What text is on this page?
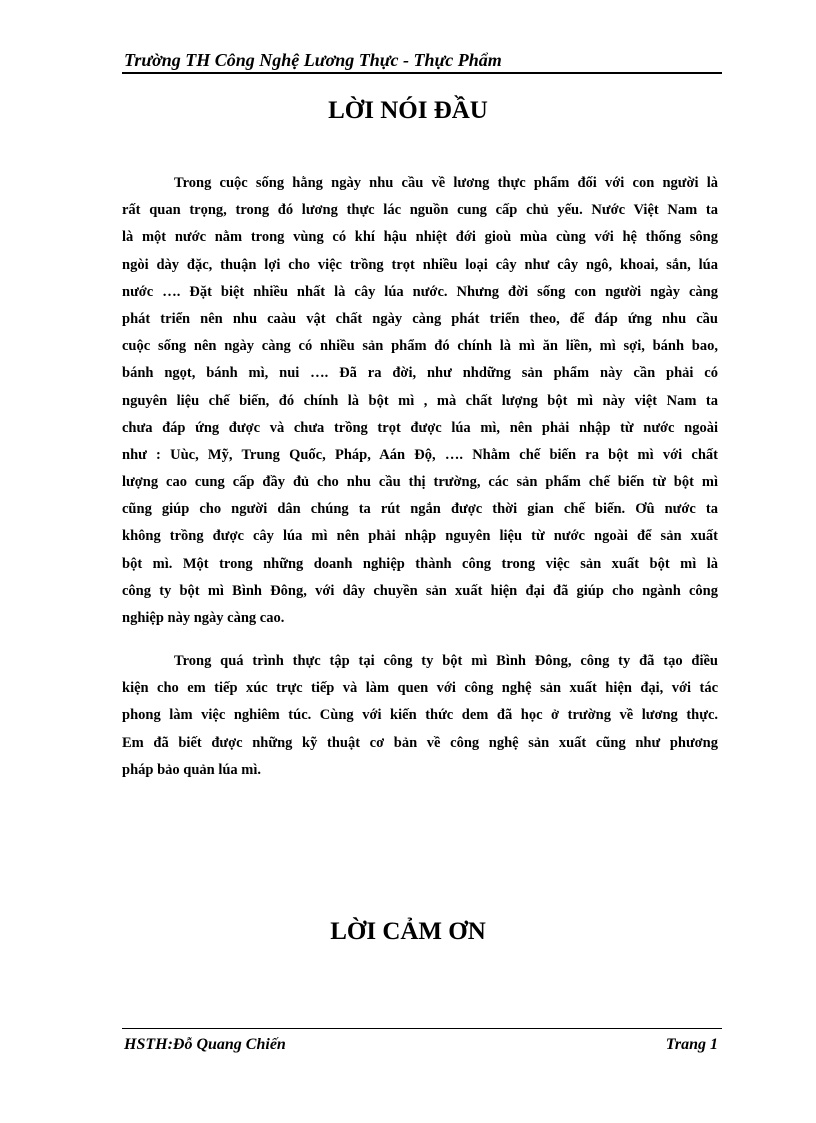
Trường TH Công Nghệ Lương Thực - Thực Phẩm
LỜI NÓI ĐẦU
Trong cuộc sống hằng ngày nhu cầu về lương thực phẩm đối với con người là
rất quan trọng, trong đó lương thực lác nguồn cung cấp chủ yếu. Nước Việt Nam ta
là một nước nằm trong vùng có khí hậu nhiệt đới gioù mùa cùng với hệ thống sông
ngòi dày đặc, thuận lợi cho việc trồng trọt nhiều loại cây như cây ngô, khoai, sắn, lúa
nước …. Đặt biệt nhiều nhất là cây lúa nước. Nhưng đời sống con người ngày càng
phát triển nên nhu caàu vật chất ngày càng phát triển theo, để đáp ứng nhu cầu
cuộc sống nên ngày càng có nhiều sản phẩm đó chính là mì ăn liền, mì sợi, bánh bao,
bánh ngọt, bánh mì, nui …. Đã ra đời, như nhdững sản phẩm này cần phải có
nguyên liệu chế biến, đó chính là bột mì , mà chất lượng bột mì này việt Nam ta
chưa đáp ứng được và chưa trồng trọt được lúa mì, nên phải nhập từ nước ngoài
như : Uùc, Mỹ, Trung Quốc, Pháp, Aán Độ, …. Nhằm chế biến ra bột mì với chất
lượng cao cung cấp đầy đủ cho nhu cầu thị trường, các sản phẩm chế biến từ bột mì
cũng giúp cho người dân chúng ta rút ngắn được thời gian chế biến. Ơû nước ta
không trồng được cây lúa mì nên phải nhập nguyên liệu từ nước ngoài để sản xuất
bột mì. Một trong những doanh nghiệp thành công trong việc sản xuất bột mì là
công ty bột mì Bình Đông, với dây chuyền sản xuất hiện đại đã giúp cho ngành công
nghiệp này ngày càng cao.
Trong quá trình thực tập tại công ty bột mì Bình Đông, công ty đã tạo điều
kiện cho em tiếp xúc trực tiếp và làm quen với công nghệ sản xuất hiện đại, với tác
phong làm việc nghiêm túc. Cùng với kiến thức dem đã học ở trường về lương thực.
Em đã biết được những kỹ thuật cơ bản về công nghệ sản xuất cũng như phương
pháp bảo quản lúa mì.
LỜI CẢM ƠN
HSTH:Đỗ Quang Chiến	Trang 1
